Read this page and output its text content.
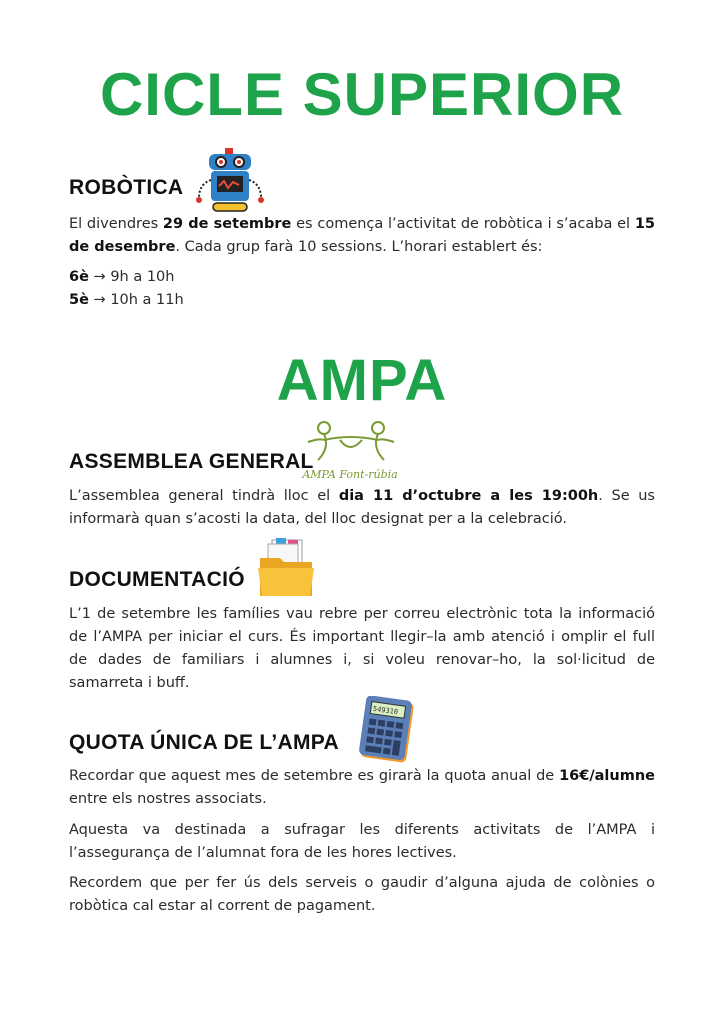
CICLE SUPERIOR
ROBÒTICA

El divendres 29 de setembre es comença l’activitat de robòtica i s’acaba el 15 de desembre. Cada grup farà 10 sessions. L’horari establert és:

6è → 9h a 10h
5è → 10h a 11h
AMPA
ASSEMBLEA GENERAL
AMPA Font-rúbia

L’assemblea general tindrà lloc el dia 11 d’octubre a les 19:00h. Se us informarà quan s’acosti la data, del lloc designat per a la celebració.

DOCUMENTACIÓ

L’1 de setembre les famílies vau rebre per correu electrònic tota la informació de l’AMPA per iniciar el curs. És important llegir–la amb atenció i omplir el full de dades de familiars i alumnes i, si voleu renovar–ho, la sol·licitud de samarreta i buff.

QUOTA ÚNICA DE L’AMPA
549310

Recordar que aquest mes de setembre es girarà la quota anual de 16€/alumne entre els nostres associats.

Aquesta va destinada a sufragar les diferents activitats de l’AMPA i l’assegurança de l’alumnat fora de les hores lectives.

Recordem que per fer ús dels serveis o gaudir d’alguna ajuda de colònies o robòtica cal estar al corrent de pagament.
